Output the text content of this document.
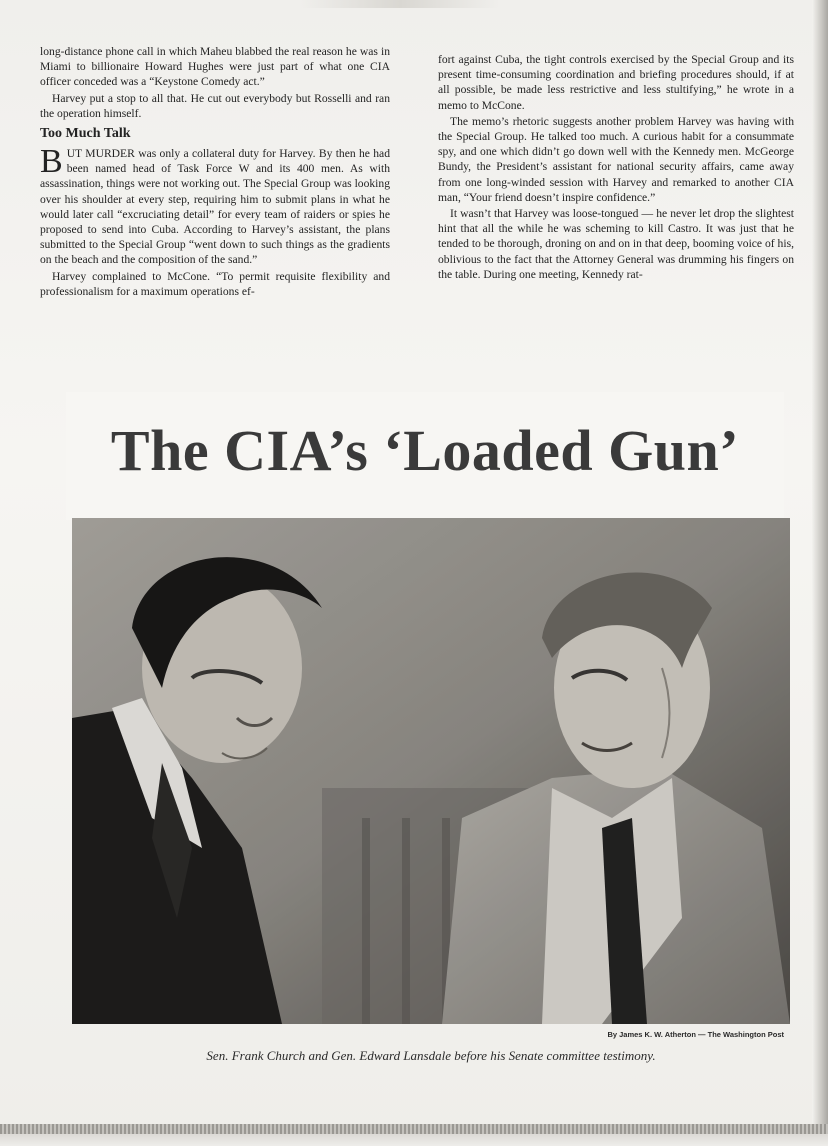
long-distance phone call in which Maheu blabbed the real reason he was in Miami to billionaire Howard Hughes were just part of what one CIA officer conceded was a “Keystone Comedy act.”

Harvey put a stop to all that. He cut out everybody but Rosselli and ran the operation himself.

Too Much Talk

BUT MURDER was only a collateral duty for Harvey. By then he had been named head of Task Force W and its 400 men. As with assassination, things were not working out. The Special Group was looking over his shoulder at every step, requiring him to submit plans in what he would later call “excruciating detail” for every team of raiders or spies he proposed to send into Cuba. According to Harvey’s assistant, the plans submitted to the Special Group “went down to such things as the gradients on the beach and the composition of the sand.”

Harvey complained to McCone. “To permit requisite flexibility and professionalism for a maximum operations ef-

fort against Cuba, the tight controls exercised by the Special Group and its present time-consuming coordination and briefing procedures should, if at all possible, be made less restrictive and less stultifying,” he wrote in a memo to McCone.

The memo’s rhetoric suggests another problem Harvey was having with the Special Group. He talked too much. A curious habit for a consummate spy, and one which didn’t go down well with the Kennedy men. McGeorge Bundy, the President’s assistant for national security affairs, came away from one long-winded session with Harvey and remarked to another CIA man, “Your friend doesn’t inspire confidence.”

It wasn’t that Harvey was loose-tongued — he never let drop the slightest hint that all the while he was scheming to kill Castro. It was just that he tended to be thorough, droning on and on in that deep, booming voice of his, oblivious to the fact that the Attorney General was drumming his fingers on the table. During one meeting, Kennedy rat-

The CIA’s ‘Loaded Gun’
By James K. W. Atherton — The Washington Post
Sen. Frank Church and Gen. Edward Lansdale before his Senate committee testimony.
